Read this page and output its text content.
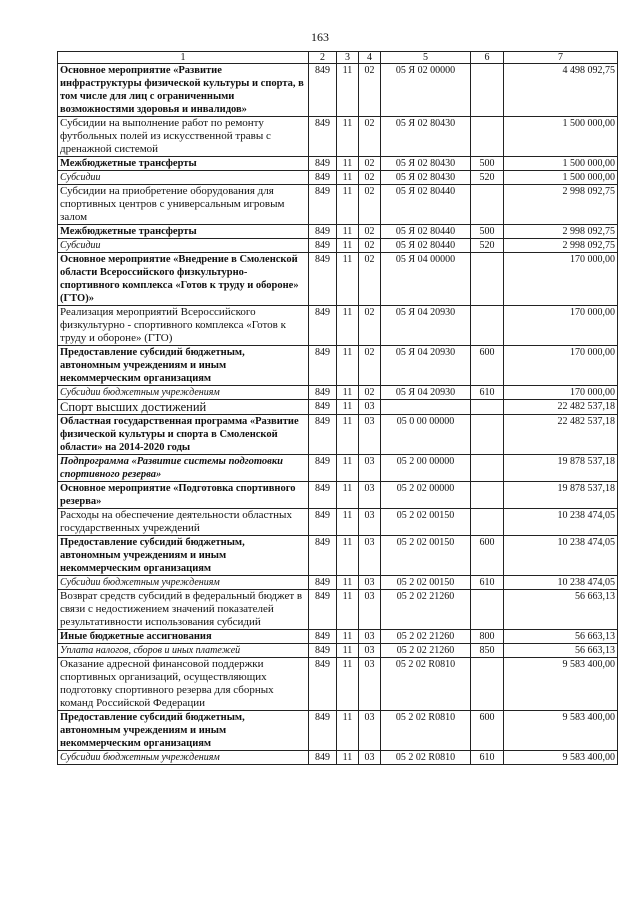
163
1	2	3	4	5	6	7
Основное мероприятие «Развитие инфраструктуры физической культуры и спорта, в том числе для лиц с ограниченными возможностями здоровья и инвалидов»	849	11	02	05 Я 02 00000		4 498 092,75
Субсидии на выполнение работ по ремонту футбольных полей из искусственной травы с дренажной системой	849	11	02	05 Я 02 80430		1 500 000,00
Межбюджетные трансферты	849	11	02	05 Я 02 80430	500	1 500 000,00
Субсидии	849	11	02	05 Я 02 80430	520	1 500 000,00
Субсидии на приобретение оборудования для спортивных центров с универсальным игровым залом	849	11	02	05 Я 02 80440		2 998 092,75
Межбюджетные трансферты	849	11	02	05 Я 02 80440	500	2 998 092,75
Субсидии	849	11	02	05 Я 02 80440	520	2 998 092,75
Основное мероприятие «Внедрение в Смоленской области Всероссийского физкультурно-спортивного комплекса «Готов к труду и обороне» (ГТО)»	849	11	02	05 Я 04 00000		170 000,00
Реализация мероприятий Всероссийского физкультурно - спортивного комплекса «Готов к труду и обороне» (ГТО)	849	11	02	05 Я 04 20930		170 000,00
Предоставление субсидий бюджетным, автономным учреждениям и иным некоммерческим организациям	849	11	02	05 Я 04 20930	600	170 000,00
Субсидии бюджетным учреждениям	849	11	02	05 Я 04 20930	610	170 000,00
Спорт высших достижений	849	11	03			22 482 537,18
Областная государственная программа «Развитие физической культуры и спорта в Смоленской области» на 2014-2020 годы	849	11	03	05 0 00 00000		22 482 537,18
Подпрограмма «Развитие системы подготовки спортивного резерва»	849	11	03	05 2 00 00000		19 878 537,18
Основное мероприятие «Подготовка спортивного резерва»	849	11	03	05 2 02 00000		19 878 537,18
Расходы на обеспечение деятельности областных государственных учреждений	849	11	03	05 2 02 00150		10 238 474,05
Предоставление субсидий бюджетным, автономным учреждениям и иным некоммерческим организациям	849	11	03	05 2 02 00150	600	10 238 474,05
Субсидии бюджетным учреждениям	849	11	03	05 2 02 00150	610	10 238 474,05
Возврат средств субсидий в федеральный бюджет в связи с недостижением значений показателей результативности использования субсидий	849	11	03	05 2 02 21260		56 663,13
Иные бюджетные ассигнования	849	11	03	05 2 02 21260	800	56 663,13
Уплата налогов, сборов и иных платежей	849	11	03	05 2 02 21260	850	56 663,13
Оказание адресной финансовой поддержки спортивных организаций, осуществляющих подготовку спортивного резерва для сборных команд Российской Федерации	849	11	03	05 2 02 R0810		9 583 400,00
Предоставление субсидий бюджетным, автономным учреждениям и иным некоммерческим организациям	849	11	03	05 2 02 R0810	600	9 583 400,00
Субсидии бюджетным учреждениям	849	11	03	05 2 02 R0810	610	9 583 400,00
